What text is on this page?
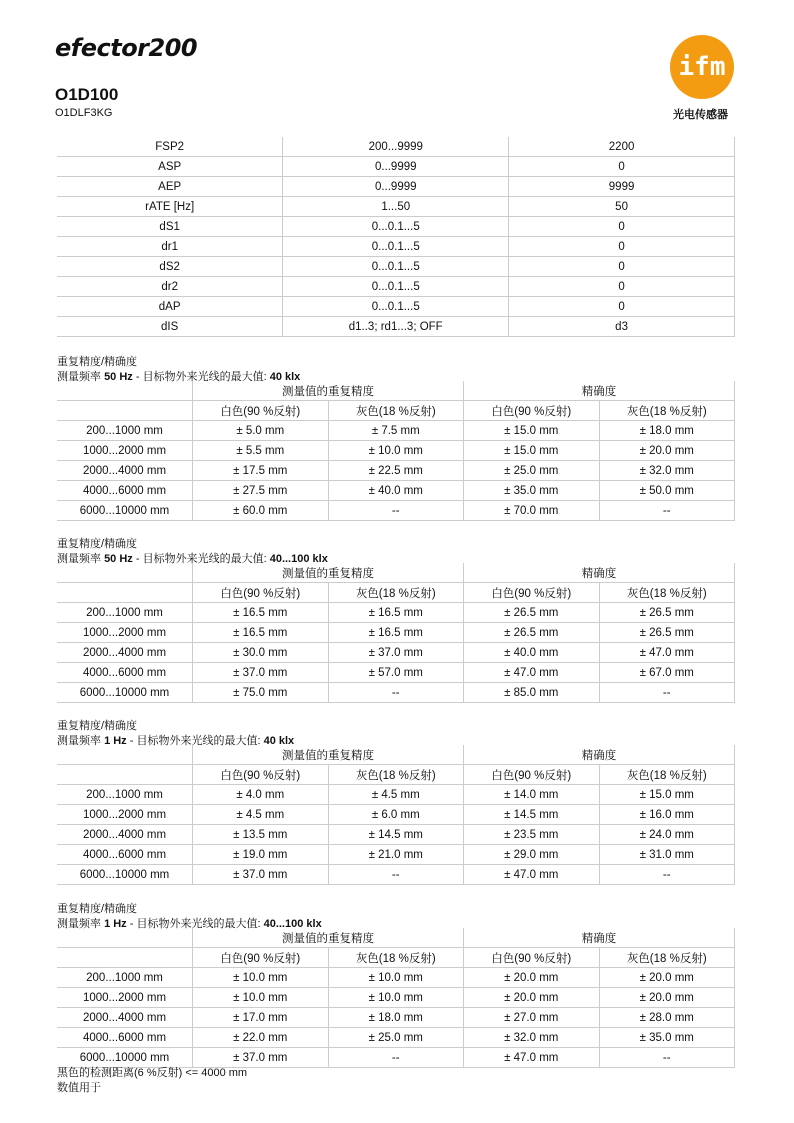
efector200
O1D100
O1DLF3KG
ifm
光电传感器
FSP2	200...9999	2200
ASP	0...9999	0
AEP	0...9999	9999
rATE [Hz]	1...50	50
dS1	0...0.1...5	0
dr1	0...0.1...5	0
dS2	0...0.1...5	0
dr2	0...0.1...5	0
dAP	0...0.1...5	0
dIS	d1..3; rd1...3; OFF	d3
重复精度/精确度
测量频率 50 Hz - 目标物外来光线的最大值: 40 klx
	测量值的重复精度		精确度	
	白色(90 %反射)	灰色(18 %反射)	白色(90 %反射)	灰色(18 %反射)
200...1000 mm	± 5.0 mm	± 7.5 mm	± 15.0 mm	± 18.0 mm
1000...2000 mm	± 5.5 mm	± 10.0 mm	± 15.0 mm	± 20.0 mm
2000...4000 mm	± 17.5 mm	± 22.5 mm	± 25.0 mm	± 32.0 mm
4000...6000 mm	± 27.5 mm	± 40.0 mm	± 35.0 mm	± 50.0 mm
6000...10000 mm	± 60.0 mm	--	± 70.0 mm	--
重复精度/精确度
测量频率 50 Hz - 目标物外来光线的最大值: 40...100 klx
	测量值的重复精度		精确度	
	白色(90 %反射)	灰色(18 %反射)	白色(90 %反射)	灰色(18 %反射)
200...1000 mm	± 16.5 mm	± 16.5 mm	± 26.5 mm	± 26.5 mm
1000...2000 mm	± 16.5 mm	± 16.5 mm	± 26.5 mm	± 26.5 mm
2000...4000 mm	± 30.0 mm	± 37.0 mm	± 40.0 mm	± 47.0 mm
4000...6000 mm	± 37.0 mm	± 57.0 mm	± 47.0 mm	± 67.0 mm
6000...10000 mm	± 75.0 mm	--	± 85.0 mm	--
重复精度/精确度
测量频率 1 Hz - 目标物外来光线的最大值: 40 klx
	测量值的重复精度		精确度	
	白色(90 %反射)	灰色(18 %反射)	白色(90 %反射)	灰色(18 %反射)
200...1000 mm	± 4.0 mm	± 4.5 mm	± 14.0 mm	± 15.0 mm
1000...2000 mm	± 4.5 mm	± 6.0 mm	± 14.5 mm	± 16.0 mm
2000...4000 mm	± 13.5 mm	± 14.5 mm	± 23.5 mm	± 24.0 mm
4000...6000 mm	± 19.0 mm	± 21.0 mm	± 29.0 mm	± 31.0 mm
6000...10000 mm	± 37.0 mm	--	± 47.0 mm	--
重复精度/精确度
测量频率 1 Hz - 目标物外来光线的最大值: 40...100 klx
	测量值的重复精度		精确度	
	白色(90 %反射)	灰色(18 %反射)	白色(90 %反射)	灰色(18 %反射)
200...1000 mm	± 10.0 mm	± 10.0 mm	± 20.0 mm	± 20.0 mm
1000...2000 mm	± 10.0 mm	± 10.0 mm	± 20.0 mm	± 20.0 mm
2000...4000 mm	± 17.0 mm	± 18.0 mm	± 27.0 mm	± 28.0 mm
4000...6000 mm	± 22.0 mm	± 25.0 mm	± 32.0 mm	± 35.0 mm
6000...10000 mm	± 37.0 mm	--	± 47.0 mm	--
黑色的检测距离(6 %反射) <= 4000 mm
数值用于
